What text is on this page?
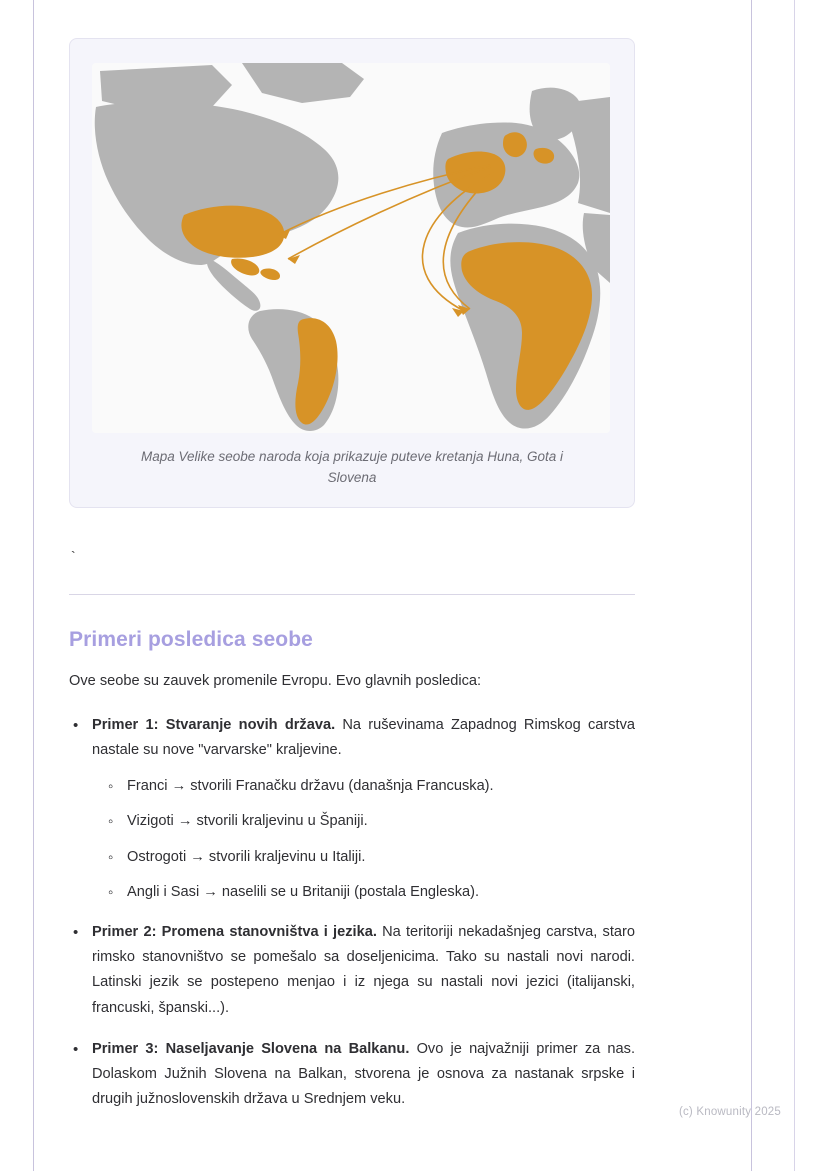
Mapa Velike seobe naroda koja prikazuje puteve kretanja Huna, Gota i Slovena
`
Primeri posledica seobe

Ove seobe su zauvek promenile Evropu. Evo glavnih posledica:

• Primer 1: Stvaranje novih država. Na ruševinama Zapadnog Rimskog carstva nastale su nove "varvarske" kraljevine.
◦ Franci → stvorili Franačku državu (današnja Francuska).
◦ Vizigoti → stvorili kraljevinu u Španiji.
◦ Ostrogoti → stvorili kraljevinu u Italiji.
◦ Angli i Sasi → naselili se u Britaniji (postala Engleska).
• Primer 2: Promena stanovništva i jezika. Na teritoriji nekadašnjeg carstva, staro rimsko stanovništvo se pomešalo sa doseljenicima. Tako su nastali novi narodi. Latinski jezik se postepeno menjao i iz njega su nastali novi jezici (italijanski, francuski, španski...).
• Primer 3: Naseljavanje Slovena na Balkanu. Ovo je najvažniji primer za nas. Dolaskom Južnih Slovena na Balkan, stvorena je osnova za nastanak srpske i drugih južnoslovenskih država u Srednjem veku.
(c) Knowunity 2025
